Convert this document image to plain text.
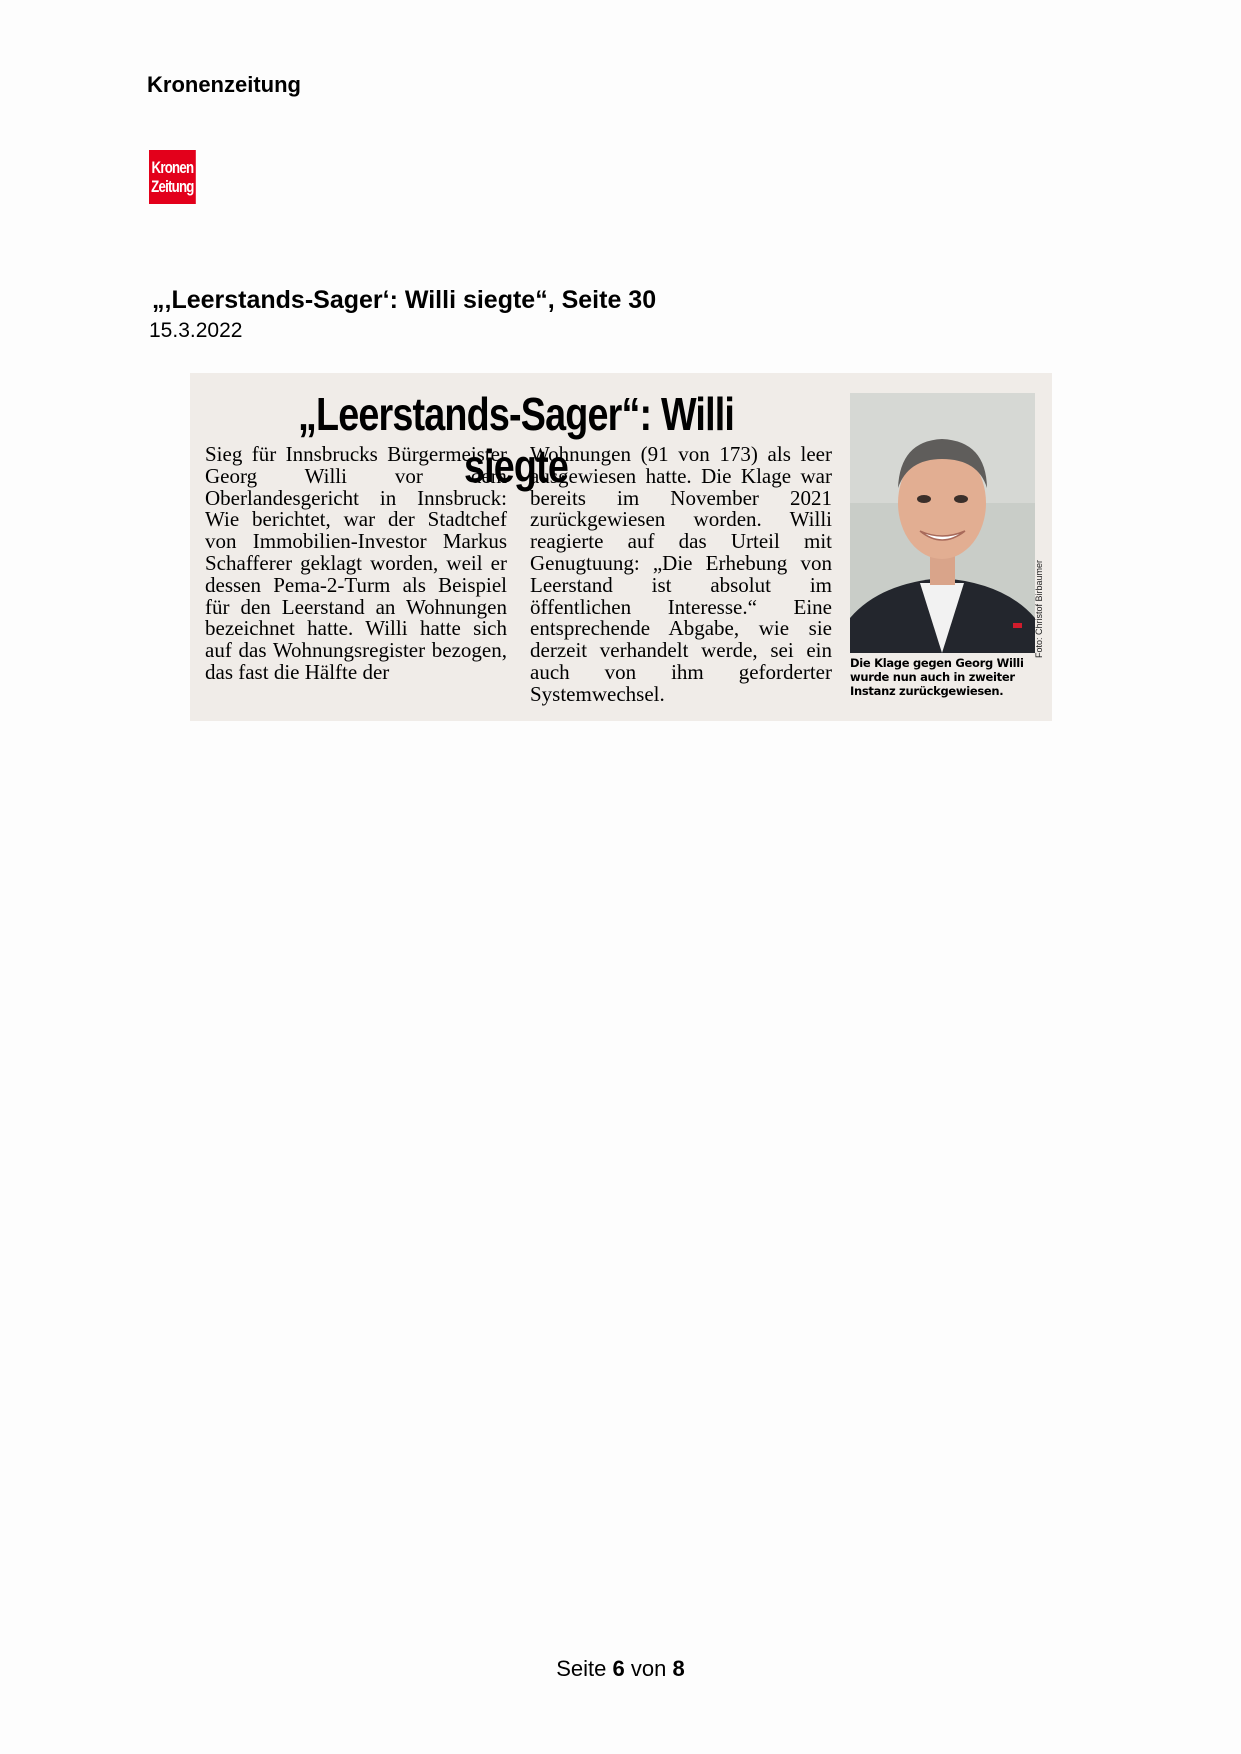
Kronenzeitung
Kronen
Zeitung
„‚Leerstands-Sager‘: Willi siegte“, Seite 30
15.3.2022
„Leerstands-Sager“: Willi siegte

Sieg für Innsbrucks Bürgermeister Georg Willi vor dem Oberlandesgericht in Innsbruck: Wie berichtet, war der Stadtchef von Immobilien-Investor Markus Schafferer geklagt worden, weil er dessen Pema-2-Turm als Beispiel für den Leerstand an Wohnungen bezeichnet hatte. Willi hatte sich auf das Wohnungsregister bezogen, das fast die Hälfte der

Wohnungen (91 von 173) als leer ausgewiesen hatte. Die Klage war bereits im November 2021 zurückgewiesen worden. Willi reagierte auf das Urteil mit Genugtuung: „Die Erhebung von Leerstand ist absolut im öffentlichen Interesse.“ Eine entsprechende Abgabe, wie sie derzeit verhandelt werde, sei ein auch von ihm geforderter Systemwechsel.

Foto: Christof Birbaumer

Die Klage gegen Georg Willi wurde nun auch in zweiter Instanz zurückgewiesen.

Seite 6 von 8
